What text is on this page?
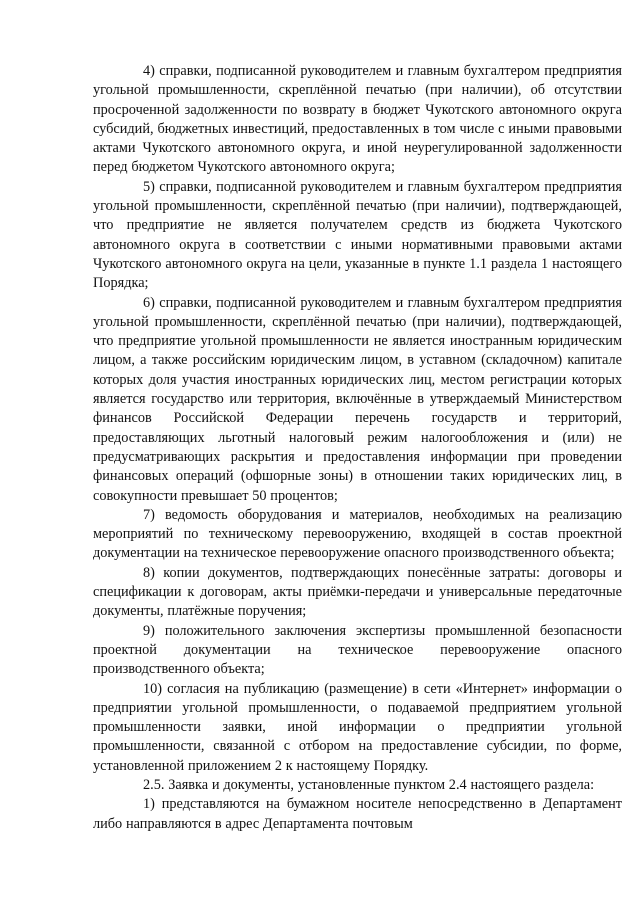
4) справки, подписанной руководителем и главным бухгалтером предприятия угольной промышленности, скреплённой печатью (при наличии), об отсутствии просроченной задолженности по возврату в бюджет Чукотского автономного округа субсидий, бюджетных инвестиций, предоставленных в том числе с иными правовыми актами Чукотского автономного округа, и иной неурегулированной задолженности перед бюджетом Чукотского автономного округа;

5) справки, подписанной руководителем и главным бухгалтером предприятия угольной промышленности, скреплённой печатью (при наличии), подтверждающей, что предприятие не является получателем средств из бюджета Чукотского автономного округа в соответствии с иными нормативными правовыми актами Чукотского автономного округа на цели, указанные в пункте 1.1 раздела 1 настоящего Порядка;

6) справки, подписанной руководителем и главным бухгалтером предприятия угольной промышленности, скреплённой печатью (при наличии), подтверждающей, что предприятие угольной промышленности не является иностранным юридическим лицом, а также российским юридическим лицом, в уставном (складочном) капитале которых доля участия иностранных юридических лиц, местом регистрации которых является государство или территория, включённые в утверждаемый Министерством финансов Российской Федерации перечень государств и территорий, предоставляющих льготный налоговый режим налогообложения и (или) не предусматривающих раскрытия и предоставления информации при проведении финансовых операций (офшорные зоны) в отношении таких юридических лиц, в совокупности превышает 50 процентов;

7) ведомость оборудования и материалов, необходимых на реализацию мероприятий по техническому перевооружению, входящей в состав проектной документации на техническое перевооружение опасного производственного объекта;

8) копии документов, подтверждающих понесённые затраты: договоры и спецификации к договорам, акты приёмки-передачи и универсальные передаточные документы, платёжные поручения;

9) положительного заключения экспертизы промышленной безопасности проектной документации на техническое перевооружение опасного производственного объекта;

10) согласия на публикацию (размещение) в сети «Интернет» информации о предприятии угольной промышленности, о подаваемой предприятием угольной промышленности заявки, иной информации о предприятии угольной промышленности, связанной с отбором на предоставление субсидии, по форме, установленной приложением 2 к настоящему Порядку.

2.5. Заявка и документы, установленные пунктом 2.4 настоящего раздела:

1) представляются на бумажном носителе непосредственно в Департамент либо направляются в адрес Департамента почтовым
